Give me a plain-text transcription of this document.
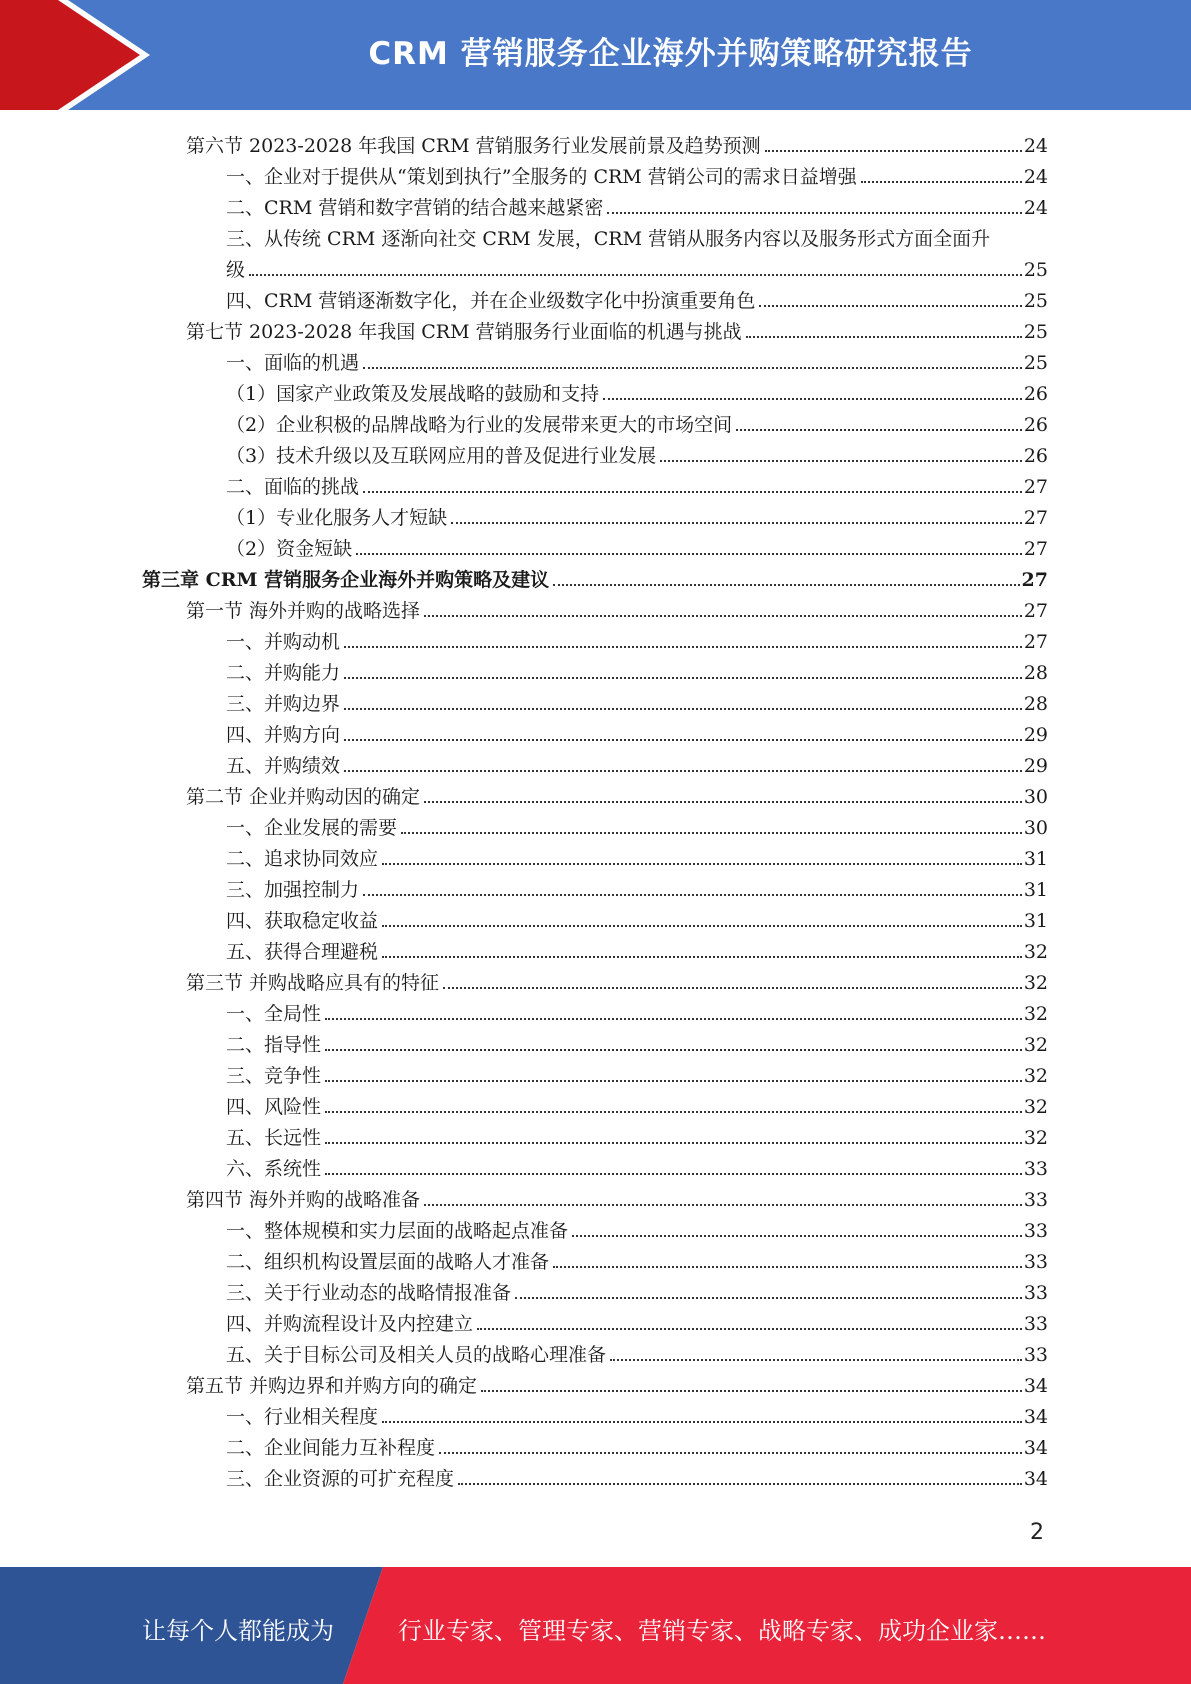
CRM 营销服务企业海外并购策略研究报告
第六节 2023-2028 年我国 CRM 营销服务行业发展前景及趋势预测	24
一、企业对于提供从“策划到执行”全服务的 CRM 营销公司的需求日益增强	24
二、CRM 营销和数字营销的结合越来越紧密	24
三、从传统 CRM 逐渐向社交 CRM 发展，CRM 营销从服务内容以及服务形式方面全面升
级	25
四、CRM 营销逐渐数字化，并在企业级数字化中扮演重要角色	25
第七节 2023-2028 年我国 CRM 营销服务行业面临的机遇与挑战	25
一、面临的机遇	25
（1）国家产业政策及发展战略的鼓励和支持	26
（2）企业积极的品牌战略为行业的发展带来更大的市场空间	26
（3）技术升级以及互联网应用的普及促进行业发展	26
二、面临的挑战	27
（1）专业化服务人才短缺	27
（2）资金短缺	27
第三章 CRM 营销服务企业海外并购策略及建议	27
第一节 海外并购的战略选择	27
一、并购动机	27
二、并购能力	28
三、并购边界	28
四、并购方向	29
五、并购绩效	29
第二节 企业并购动因的确定	30
一、企业发展的需要	30
二、追求协同效应	31
三、加强控制力	31
四、获取稳定收益	31
五、获得合理避税	32
第三节 并购战略应具有的特征	32
一、全局性	32
二、指导性	32
三、竞争性	32
四、风险性	32
五、长远性	32
六、系统性	33
第四节 海外并购的战略准备	33
一、整体规模和实力层面的战略起点准备	33
二、组织机构设置层面的战略人才准备	33
三、关于行业动态的战略情报准备	33
四、并购流程设计及内控建立	33
五、关于目标公司及相关人员的战略心理准备	33
第五节 并购边界和并购方向的确定	34
一、行业相关程度	34
二、企业间能力互补程度	34
三、企业资源的可扩充程度	34
2
让每个人都能成为	行业专家、管理专家、营销专家、战略专家、成功企业家……
